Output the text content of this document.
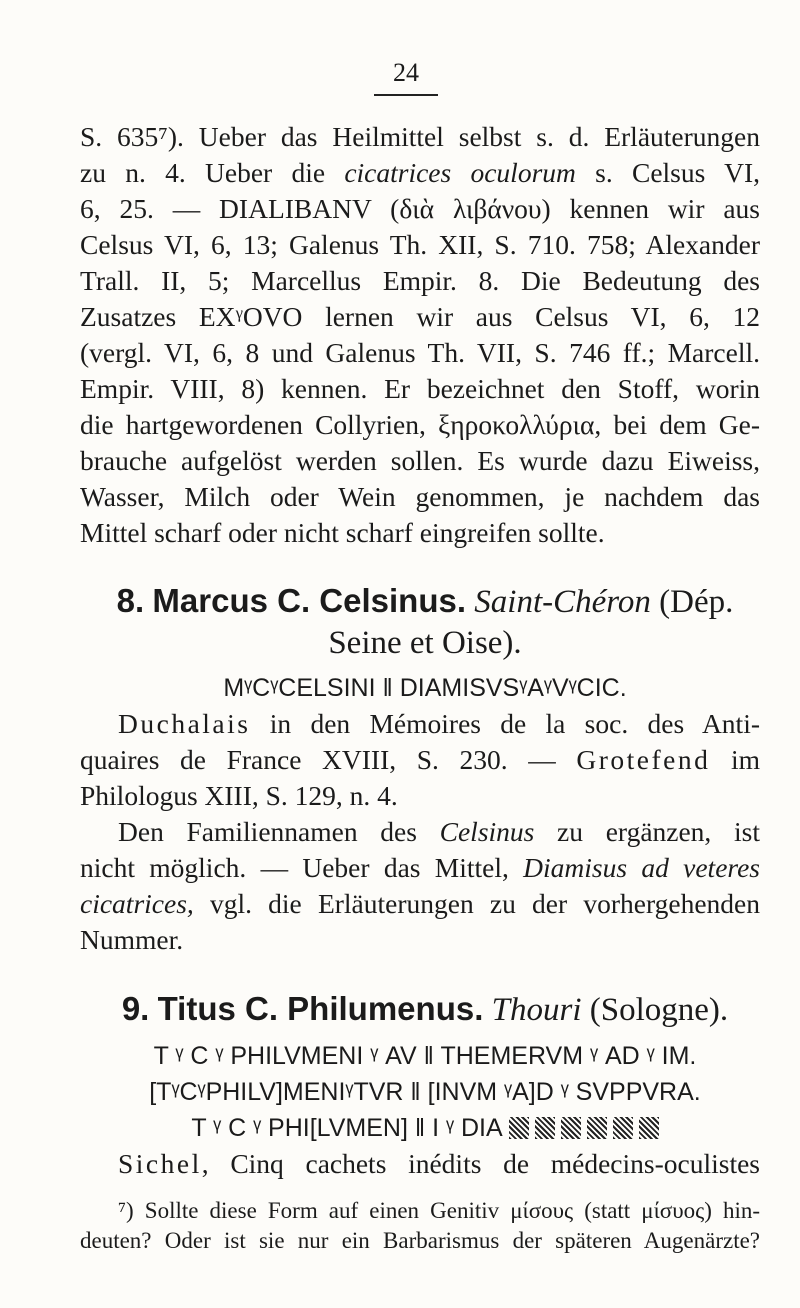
24
S. 635⁷). Ueber das Heilmittel selbst s. d. Erläuterungen
zu n. 4. Ueber die cicatrices oculorum s. Celsus VI,
6, 25. — DIALIBANV (διὰ λιβάνου) kennen wir aus
Celsus VI, 6, 13; Galenus Th. XII, S. 710. 758; Alexander
Trall. II, 5; Marcellus Empir. 8. Die Bedeutung des
Zusatzes EXᵞOVO lernen wir aus Celsus VI, 6, 12
(vergl. VI, 6, 8 und Galenus Th. VII, S. 746 ff.; Marcell.
Empir. VIII, 8) kennen. Er bezeichnet den Stoff, worin
die hartgewordenen Collyrien, ξηροκολλύρια, bei dem Ge-
brauche aufgelöst werden sollen. Es wurde dazu Eiweiss,
Wasser, Milch oder Wein genommen, je nachdem das
Mittel scharf oder nicht scharf eingreifen sollte.
8. Marcus C. Celsinus. Saint-Chéron (Dép.
Seine et Oise).
MᵞCᵞCELSINI ‖ DIAMISVSᵞAᵞVᵞCIC.
Duchalais in den Mémoires de la soc. des Anti-
quaires de France XVIII, S. 230. — Grotefend im
Philologus XIII, S. 129, n. 4.
Den Familiennamen des Celsinus zu ergänzen, ist
nicht möglich. — Ueber das Mittel, Diamisus ad veteres
cicatrices, vgl. die Erläuterungen zu der vorhergehenden
Nummer.
9. Titus C. Philumenus. Thouri (Sologne).
T ᵞ C ᵞ PHILVMENI ᵞ AV ‖ THEMERVM ᵞ AD ᵞ IM.
[TᵞCᵞPHILV]MENIᵞTVR ‖ [INVM ᵞA]D ᵞ SVPPVRA.
T ᵞ C ᵞ PHI[LVMEN] ‖ I ᵞ DIA
Sichel, Cinq cachets inédits de médecins-oculistes
⁷) Sollte diese Form auf einen Genitiv μίσους (statt μίσυος) hin-
deuten? Oder ist sie nur ein Barbarismus der späteren Augenärzte?
